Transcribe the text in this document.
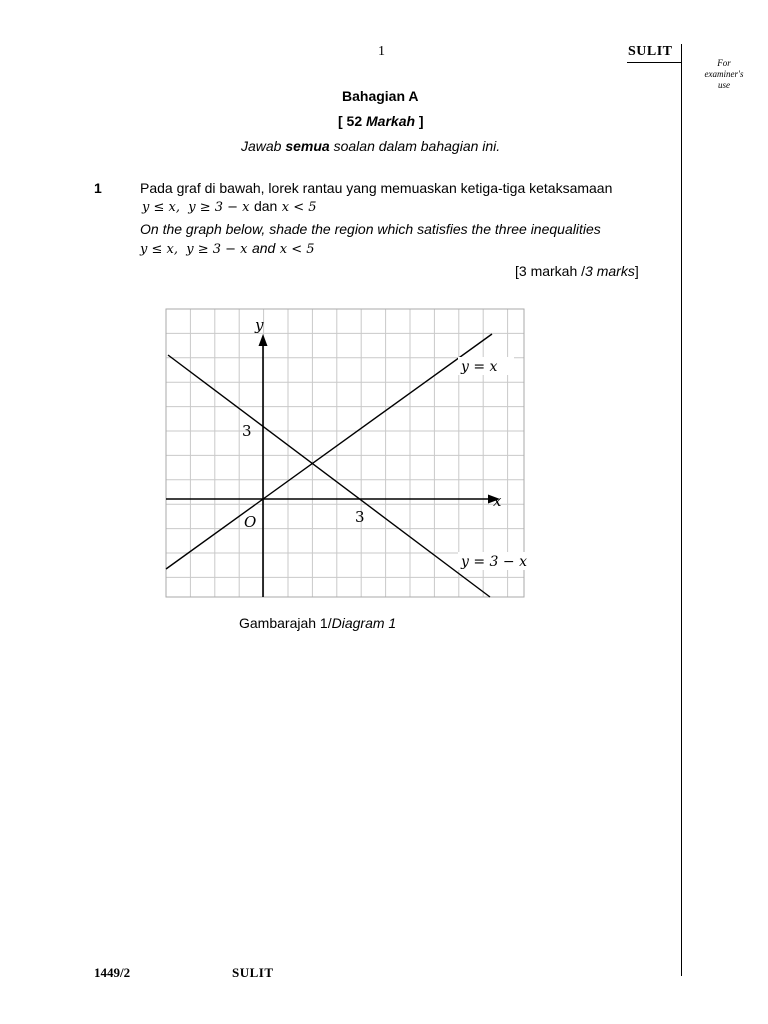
1	SULIT
For examiner's use
Bahagian A
[ 52 Markah ]
Jawab semua soalan dalam bahagian ini.
1	Pada graf di bawah, lorek rantau yang memuaskan ketiga-tiga ketaksamaan
y ≤ x,  y ≥ 3 − x dan x < 5
On the graph below, shade the region which satisfies the three inequalities
y ≤ x,  y ≥ 3 − x and x < 5
[3 markah /3 marks]
y
x
O
3
3
y = x
y = 3 − x
Gambarajah 1/Diagram 1
1449/2	SULIT
